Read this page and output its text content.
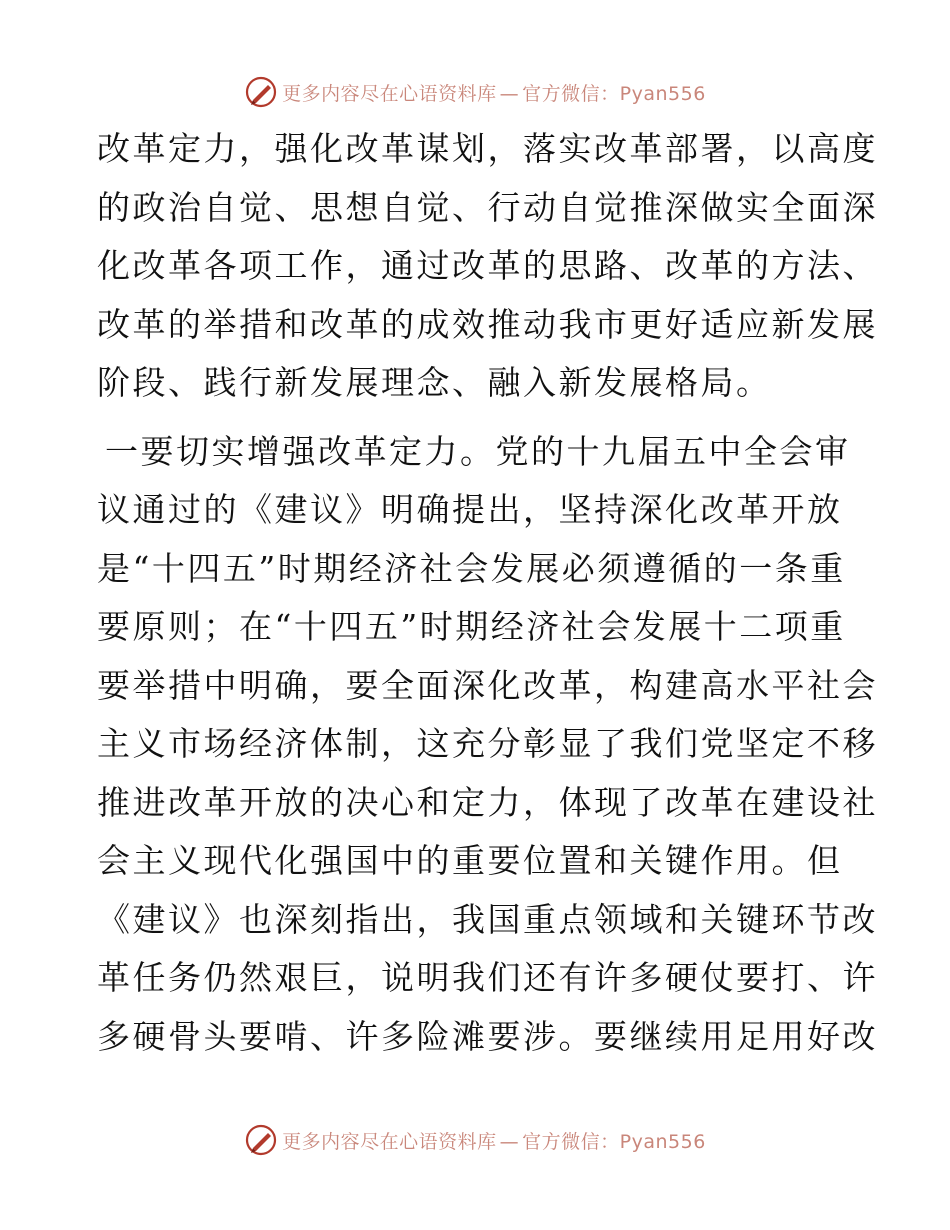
更多内容尽在心语资料库 — 官方微信：Pyan556
改革定力，强化改革谋划，落实改革部署，以高度
的政治自觉、思想自觉、行动自觉推深做实全面深
化改革各项工作，通过改革的思路、改革的方法、
改革的举措和改革的成效推动我市更好适应新发展
阶段、践行新发展理念、融入新发展格局。
一要切实增强改革定力。党的十九届五中全会审
议通过的《建议》明确提出，坚持深化改革开放
是“十四五”时期经济社会发展必须遵循的一条重
要原则；在“十四五”时期经济社会发展十二项重
要举措中明确，要全面深化改革，构建高水平社会
主义市场经济体制，这充分彰显了我们党坚定不移
推进改革开放的决心和定力，体现了改革在建设社
会主义现代化强国中的重要位置和关键作用。但
《建议》也深刻指出，我国重点领域和关键环节改
革任务仍然艰巨，说明我们还有许多硬仗要打、许
多硬骨头要啃、许多险滩要涉。要继续用足用好改
更多内容尽在心语资料库 — 官方微信：Pyan556
